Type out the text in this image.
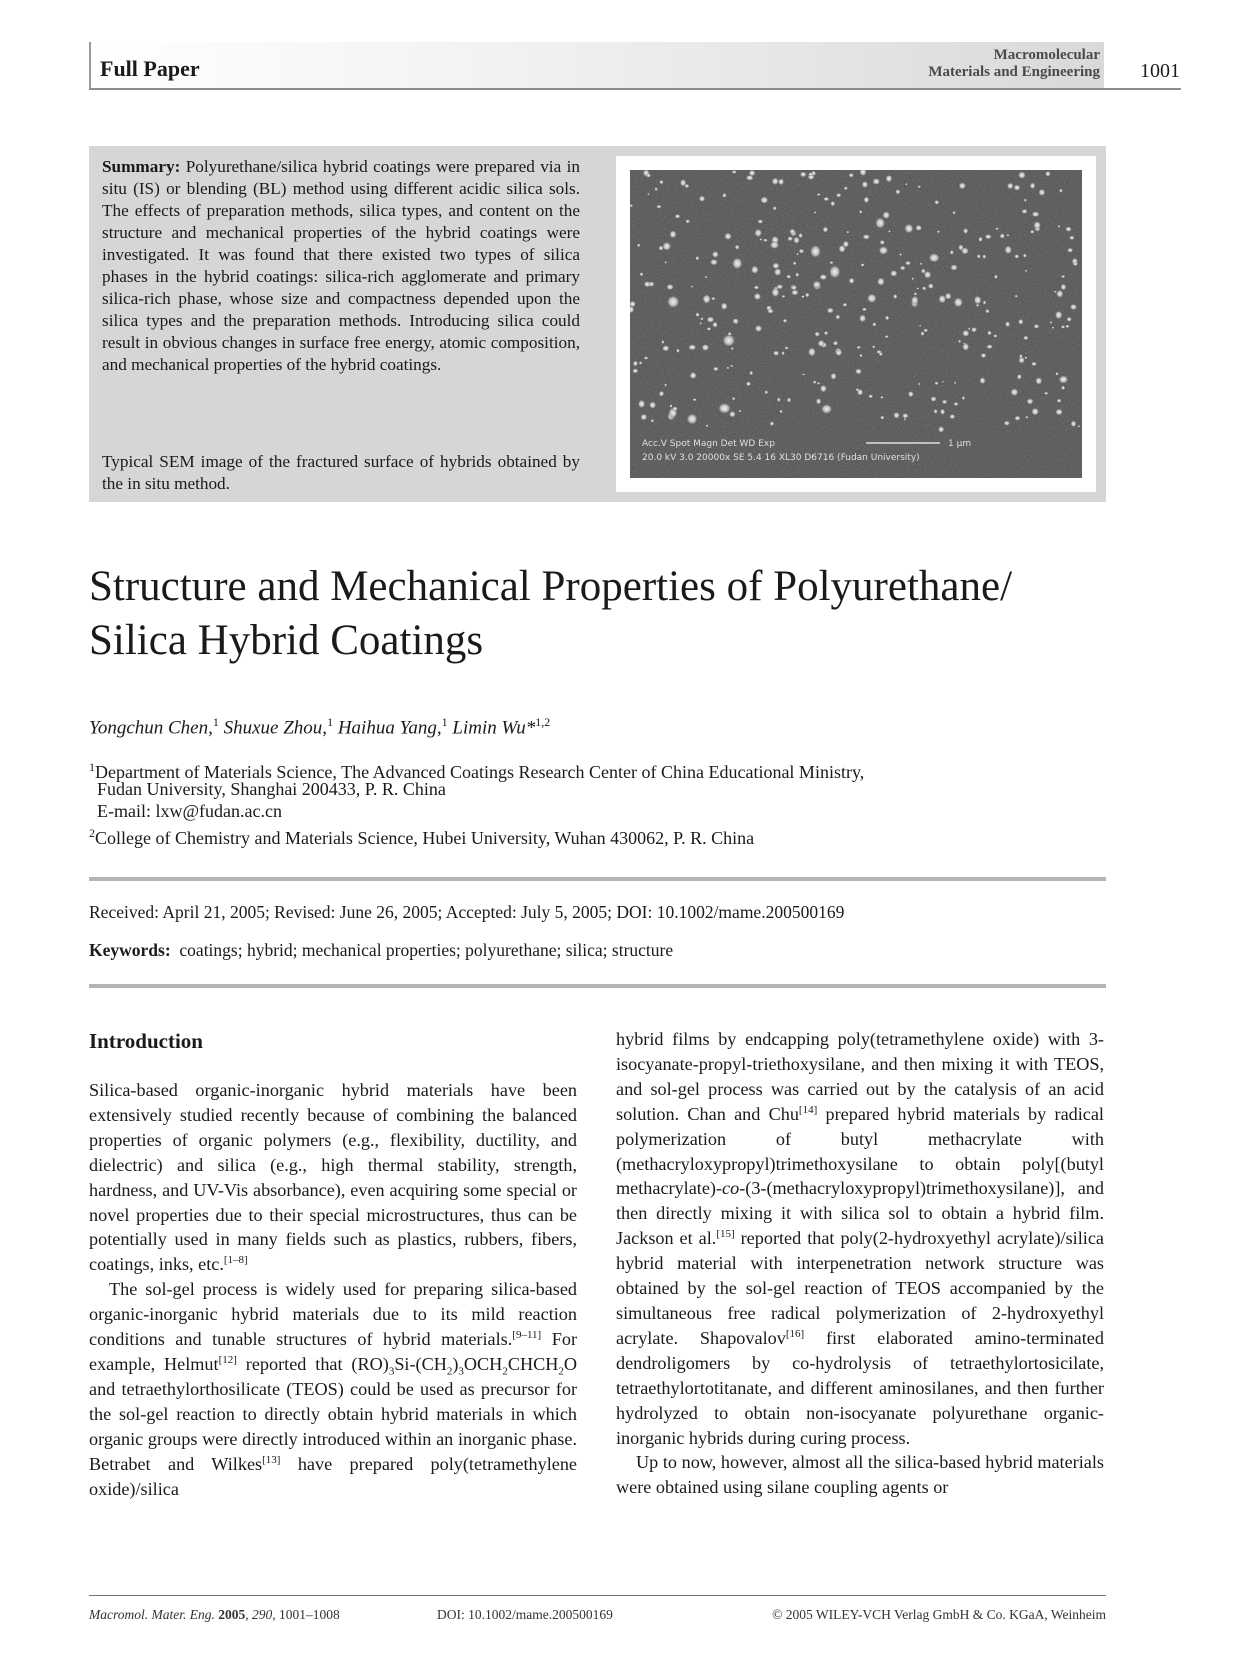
Full Paper
Macromolecular
Materials and Engineering 1001
Summary: Polyurethane/silica hybrid coatings were prepared via in situ (IS) or blending (BL) method using different acidic silica sols. The effects of preparation methods, silica types, and content on the structure and mechanical properties of the hybrid coatings were investigated. It was found that there existed two types of silica phases in the hybrid coatings: silica-rich agglomerate and primary silica-rich phase, whose size and compactness depended upon the silica types and the preparation methods. Introducing silica could result in obvious changes in surface free energy, atomic composition, and mechanical properties of the hybrid coatings.
Typical SEM image of the fractured surface of hybrids obtained by the in situ method.
Acc.V Spot Magn Det WD Exp
20.0 kV 3.0 20000x SE 5.4 16 XL30 D6716 (Fudan University)
1 µm
Structure and Mechanical Properties of Polyurethane/
Silica Hybrid Coatings
Yongchun Chen,$^1$ Shuxue Zhou,$^1$ Haihua Yang,$^1$ Limin Wu*$^{1,2}$
$^1$Department of Materials Science, The Advanced Coatings Research Center of China Educational Ministry,
Fudan University, Shanghai 200433, P. R. China
E-mail: lxw@fudan.ac.cn
$^2$College of Chemistry and Materials Science, Hubei University, Wuhan 430062, P. R. China
Received: April 21, 2005; Revised: June 26, 2005; Accepted: July 5, 2005; DOI: 10.1002/mame.200500169
Keywords: coatings; hybrid; mechanical properties; polyurethane; silica; structure
Introduction

Silica-based organic-inorganic hybrid materials have been extensively studied recently because of combining the balanced properties of organic polymers (e.g., flexibility, ductility, and dielectric) and silica (e.g., high thermal stability, strength, hardness, and UV-Vis absorbance), even acquiring some special or novel properties due to their special microstructures, thus can be potentially used in many fields such as plastics, rubbers, fibers, coatings, inks, etc.[1–8]

The sol-gel process is widely used for preparing silica-based organic-inorganic hybrid materials due to its mild reaction conditions and tunable structures of hybrid materials.[9–11] For example, Helmut[12] reported that $(RO)_3Si-(CH_2)_3OCH_2CHCH_2O$ and tetraethylorthosilicate (TEOS) could be used as precursor for the sol-gel reaction to directly obtain hybrid materials in which organic groups were directly introduced within an inorganic phase. Betrabet and Wilkes[13] have prepared poly(tetramethylene oxide)/silica

hybrid films by endcapping poly(tetramethylene oxide) with 3-isocyanate-propyl-triethoxysilane, and then mixing it with TEOS, and sol-gel process was carried out by the catalysis of an acid solution. Chan and Chu[14] prepared hybrid materials by radical polymerization of butyl methacrylate with (methacryloxypropyl)trimethoxysilane to obtain poly[(butyl methacrylate)-co-(3-(methacryloxypropyl)trimethoxysilane)], and then directly mixing it with silica sol to obtain a hybrid film. Jackson et al.[15] reported that poly(2-hydroxyethyl acrylate)/silica hybrid material with interpenetration network structure was obtained by the sol-gel reaction of TEOS accompanied by the simultaneous free radical polymerization of 2-hydroxyethyl acrylate. Shapovalov[16] first elaborated amino-terminated dendroligomers by co-hydrolysis of tetraethylortosicilate, tetraethylortotitanate, and different aminosilanes, and then further hydrolyzed to obtain non-isocyanate polyurethane organic-inorganic hybrids during curing process.

Up to now, however, almost all the silica-based hybrid materials were obtained using silane coupling agents or

Macromol. Mater. Eng. 2005, 290, 1001–1008	DOI: 10.1002/mame.200500169	© 2005 WILEY-VCH Verlag GmbH & Co. KGaA, Weinheim
